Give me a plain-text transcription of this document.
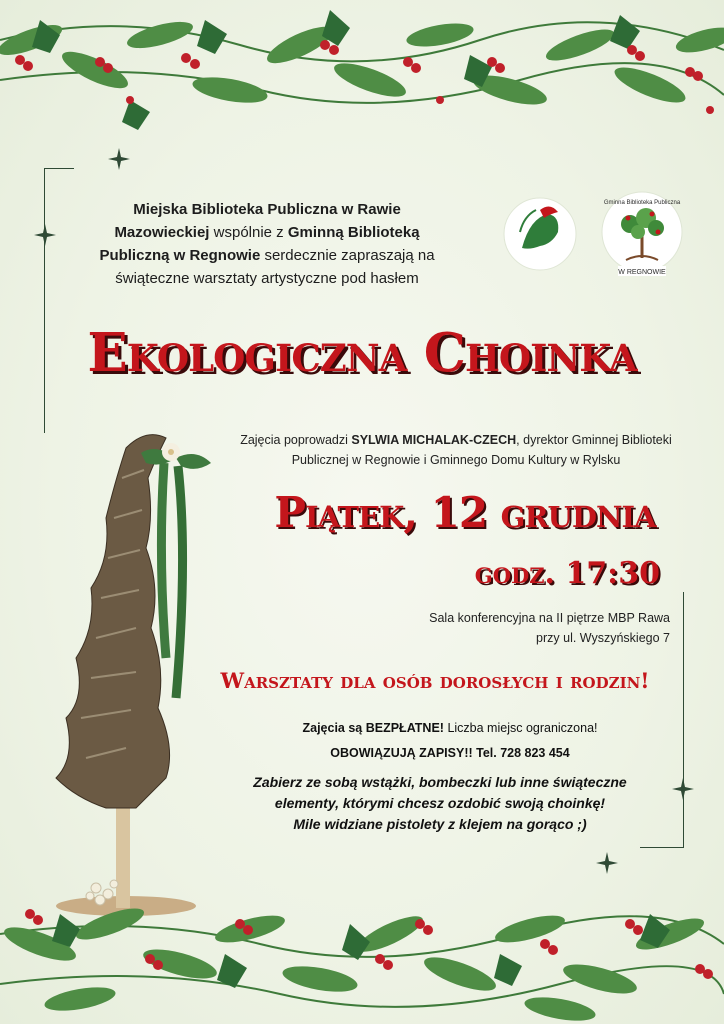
Miejska Biblioteka Publiczna w Rawie Mazowieckiej wspólnie z Gminną Biblioteką Publiczną w Regnowie serdecznie zapraszają na świąteczne warsztaty artystyczne pod hasłem	W REGNOWIE
Gminna Biblioteka Publiczna
Ekologiczna Choinka
Zajęcia poprowadzi SYLWIA MICHALAK-CZECH, dyrektor Gminnej Biblioteki Publicznej w Regnowie i Gminnego Domu Kultury w Rylsku
Piątek, 12 grudnia
godz. 17:30
Sala konferencyjna na II piętrze MBP Rawa
przy ul. Wyszyńskiego 7
Warsztaty dla osób dorosłych i rodzin!
Zajęcia są BEZPŁATNE! Liczba miejsc ograniczona!
OBOWIĄZUJĄ ZAPISY!! Tel. 728 823 454
Zabierz ze sobą wstążki, bombeczki lub inne świąteczne
elementy, którymi chcesz ozdobić swoją choinkę!
Mile widziane pistolety z klejem na gorąco ;)
